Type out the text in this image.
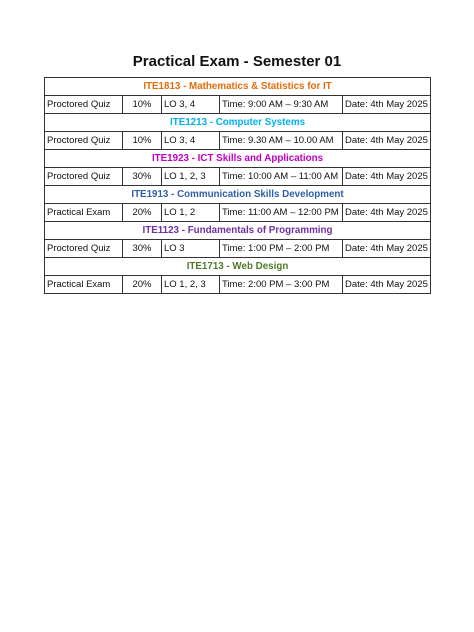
Practical Exam - Semester 01
ITE1813 - Mathematics & Statistics for IT				
Proctored Quiz	10%	LO 3, 4	Time: 9:00 AM – 9:30 AM	Date: 4th May 2025
ITE1213 - Computer Systems				
Proctored Quiz	10%	LO 3, 4	Time: 9.30 AM – 10.00 AM	Date: 4th May 2025
ITE1923 - ICT Skills and Applications				
Proctored Quiz	30%	LO 1, 2, 3	Time: 10:00 AM – 11:00 AM	Date: 4th May 2025
ITE1913 - Communication Skills Development				
Practical Exam	20%	LO 1, 2	Time: 11:00 AM – 12:00 PM	Date: 4th May 2025
ITE1123 - Fundamentals of Programming				
Proctored Quiz	30%	LO 3	Time: 1:00 PM – 2:00 PM	Date: 4th May 2025
ITE1713 - Web Design				
Practical Exam	20%	LO 1, 2, 3	Time: 2:00 PM – 3:00 PM	Date: 4th May 2025
